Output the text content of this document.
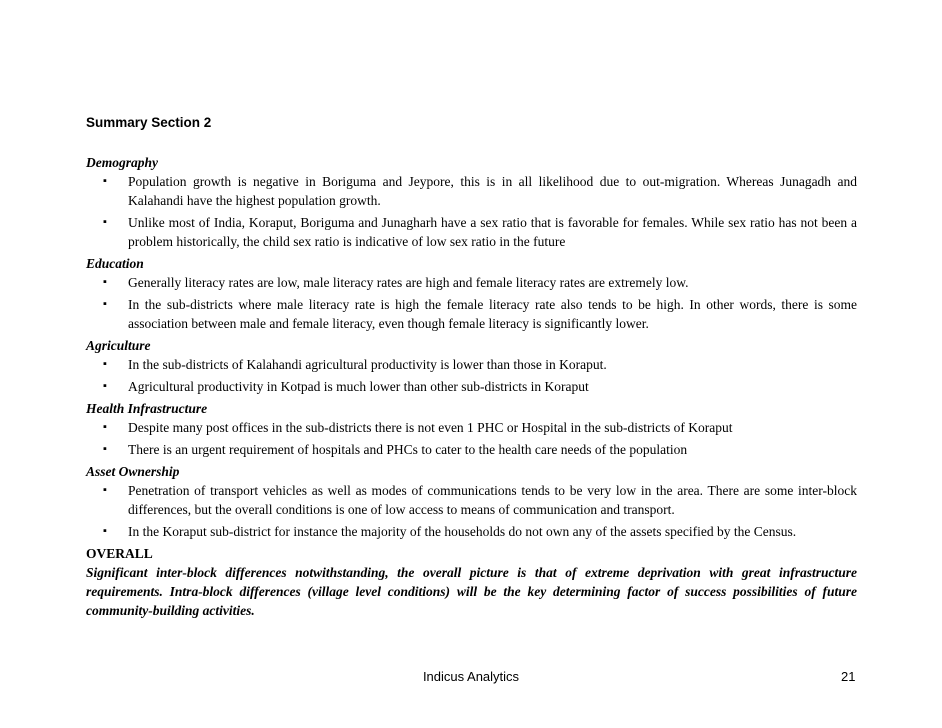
Summary Section 2
Demography
▪ Population growth is negative in Boriguma and Jeypore, this is in all likelihood due to out-migration. Whereas Junagadh and Kalahandi have the highest population growth.
▪ Unlike most of India, Koraput, Boriguma and Junagharh have a sex ratio that is favorable for females. While sex ratio has not been a problem historically, the child sex ratio is indicative of low sex ratio in the future
Education
▪ Generally literacy rates are low, male literacy rates are high and female literacy rates are extremely low.
▪ In the sub-districts where male literacy rate is high the female literacy rate also tends to be high. In other words, there is some association between male and female literacy, even though female literacy is significantly lower.
Agriculture
▪ In the sub-districts of Kalahandi agricultural productivity is lower than those in Koraput.
▪ Agricultural productivity in Kotpad is much lower than other sub-districts in Koraput
Health Infrastructure
▪ Despite many post offices in the sub-districts there is not even 1 PHC or Hospital in the sub-districts of Koraput
▪ There is an urgent requirement of hospitals and PHCs to cater to the health care needs of the population
Asset Ownership
▪ Penetration of transport vehicles as well as modes of communications tends to be very low in the area. There are some inter-block differences, but the overall conditions is one of low access to means of communication and transport.
▪ In the Koraput sub-district for instance the majority of the households do not own any of the assets specified by the Census.
OVERALL
Significant inter-block differences notwithstanding, the overall picture is that of extreme deprivation with great infrastructure requirements. Intra-block differences (village level conditions) will be the key determining factor of success possibilities of future community-building activities.
Indicus Analytics	21
